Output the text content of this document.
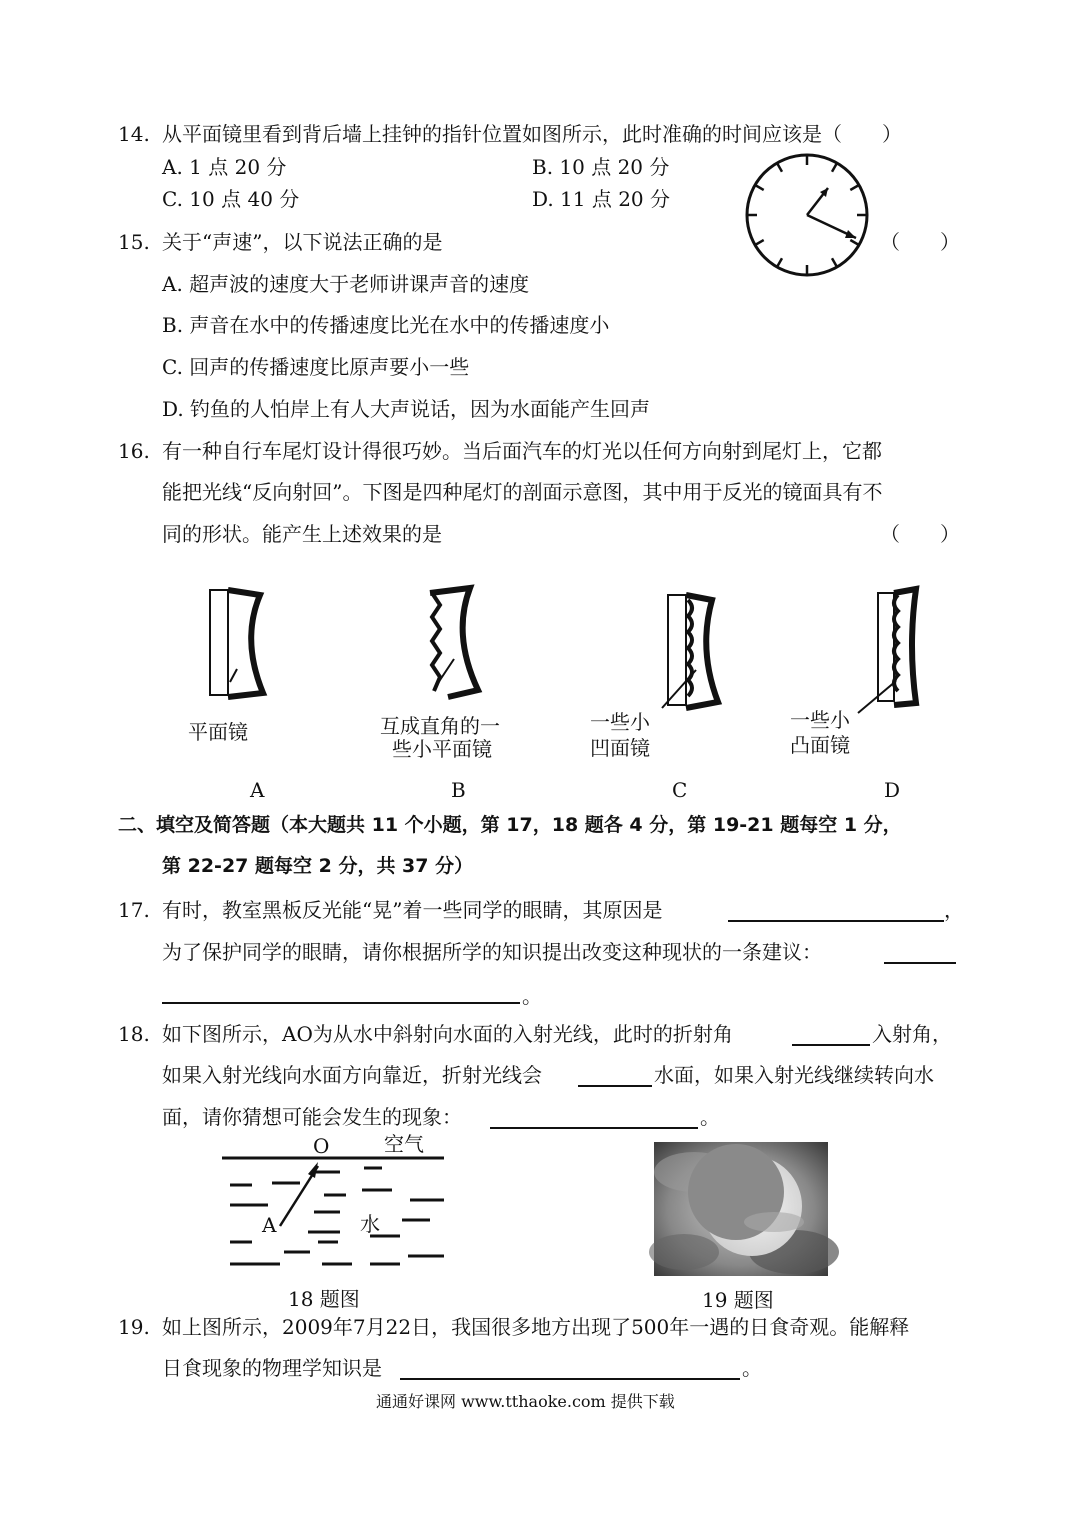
14. 从平面镜里看到背后墙上挂钟的指针位置如图所示，此时准确的时间应该是（　　）
A. 1 点 20 分	B. 10 点 20 分
C. 10 点 40 分	D. 11 点 20 分
15. 关于“声速”，以下说法正确的是	（　　）
A. 超声波的速度大于老师讲课声音的速度
B. 声音在水中的传播速度比光在水中的传播速度小
C. 回声的传播速度比原声要小一些
D. 钓鱼的人怕岸上有人大声说话，因为水面能产生回声
16. 有一种自行车尾灯设计得很巧妙。当后面汽车的灯光以任何方向射到尾灯上，它都
能把光线“反向射回”。下图是四种尾灯的剖面示意图，其中用于反光的镜面具有不
同的形状。能产生上述效果的是	（　　）
平面镜
A
互成直角的一
些小平面镜
B
一些小
凹面镜
C
一些小
凸面镜
D
二、填空及简答题（本大题共 11 个小题，第 17，18 题各 4 分，第 19-21 题每空 1 分，
第 22-27 题每空 2 分，共 37 分）
17. 有时，教室黑板反光能“晃”着一些同学的眼睛，其原因是	，
为了保护同学的眼睛，请你根据所学的知识提出改变这种现状的一条建议：
。
18. 如下图所示，AO为从水中斜射向水面的入射光线，此时的折射角	入射角，
如果入射光线向水面方向靠近，折射光线会	水面，如果入射光线继续转向水
面，请你猜想可能会发生的现象：	。
O	空气
A	水
18 题图	19 题图
19. 如上图所示，2009年7月22日，我国很多地方出现了500年一遇的日食奇观。能解释
日食现象的物理学知识是	。
通通好课网 www.tthaoke.com 提供下载
